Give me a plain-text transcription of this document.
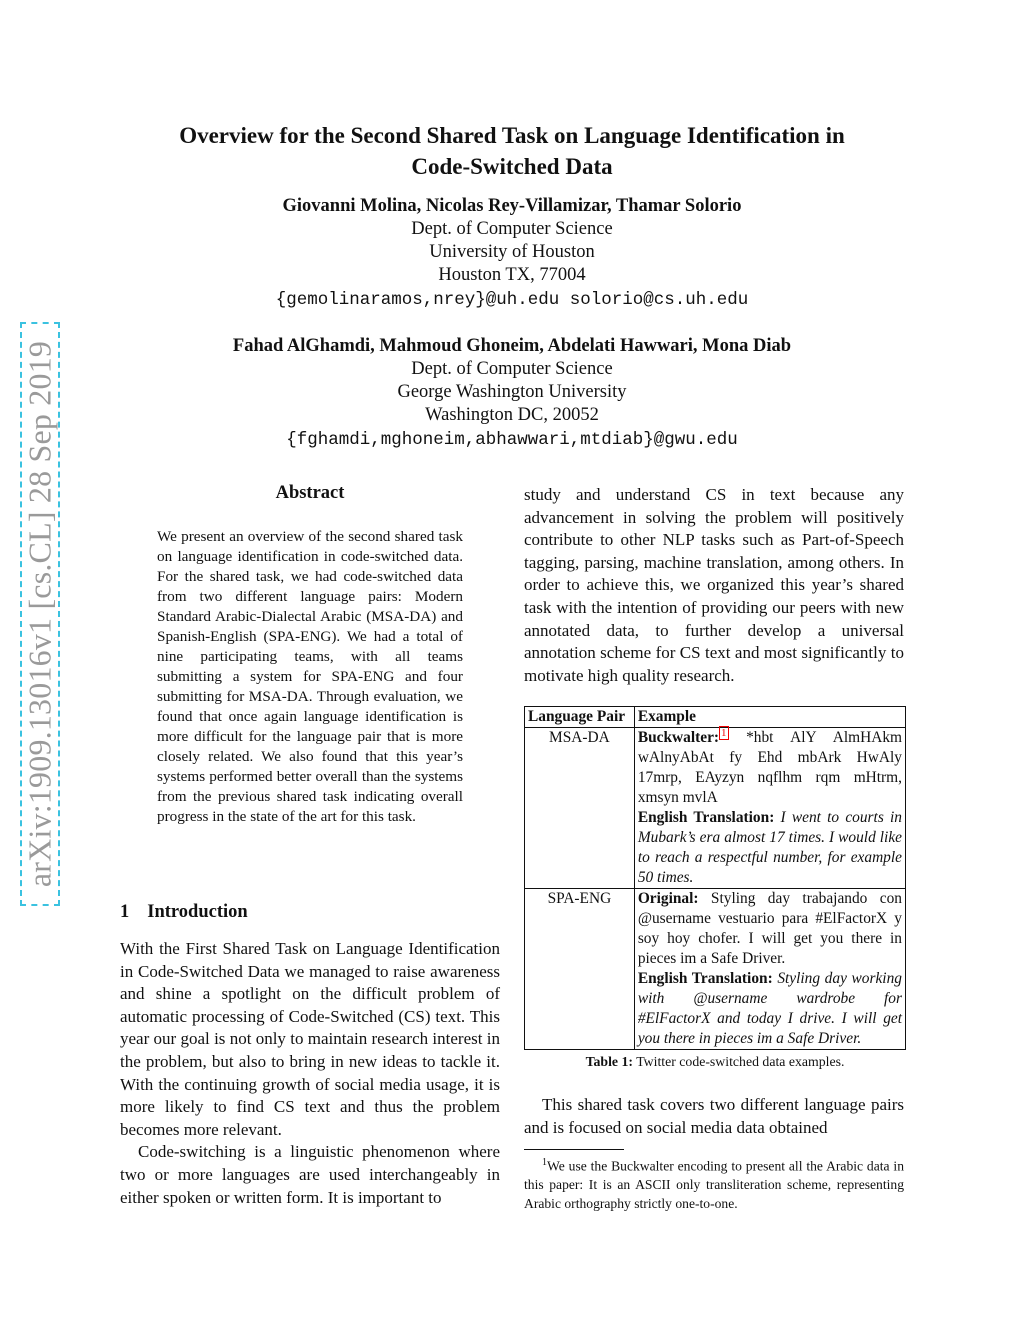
Overview for the Second Shared Task on Language Identification in
Code-Switched Data
Giovanni Molina, Nicolas Rey-Villamizar, Thamar Solorio
Dept. of Computer Science
University of Houston
Houston TX, 77004
{gemolinaramos,nrey}@uh.edu solorio@cs.uh.edu
Fahad AlGhamdi, Mahmoud Ghoneim, Abdelati Hawwari, Mona Diab
Dept. of Computer Science
George Washington University
Washington DC, 20052
{fghamdi,mghoneim,abhawwari,mtdiab}@gwu.edu
arXiv:1909.13016v1 [cs.CL] 28 Sep 2019	Abstract

We present an overview of the second shared task on language identification in code-switched data. For the shared task, we had code-switched data from two different language pairs: Modern Standard Arabic-Dialectal Arabic (MSA-DA) and Spanish-English (SPA-ENG). We had a total of nine participating teams, with all teams submitting a system for SPA-ENG and four submitting for MSA-DA. Through evaluation, we found that once again language identification is more difficult for the language pair that is more closely related. We also found that this year’s systems performed better overall than the systems from the previous shared task indicating overall progress in the state of the art for this task.

1 Introduction

With the First Shared Task on Language Identification in Code-Switched Data we managed to raise awareness and shine a spotlight on the difficult problem of automatic processing of Code-Switched (CS) text. This year our goal is not only to maintain research interest in the problem, but also to bring in new ideas to tackle it. With the continuing growth of social media usage, it is more likely to find CS text and thus the problem becomes more relevant.

Code-switching is a linguistic phenomenon where two or more languages are used interchangeably in either spoken or written form. It is important to

study and understand CS in text because any advancement in solving the problem will positively contribute to other NLP tasks such as Part-of-Speech tagging, parsing, machine translation, among others. In order to achieve this, we organized this year’s shared task with the intention of providing our peers with new annotated data, to further develop a universal annotation scheme for CS text and most significantly to motivate high quality research.

Language Pair	Example
MSA-DA	Buckwalter: $^1$ *hbt AlY AlmHAkm wAlnyAbAt fy Ehd mbArk HwAly 17mrp, EAyzyn nqflhm rqm mHtrm, xmsyn mvlA

English Translation: I went to courts in Mubark’s era almost 17 times. I would like to reach a respectful number, for example 50 times.

SPA-ENG	Original: Styling day trabajando con @username vestuario para #ElFactorX y soy hoy chofer. I will get you there in pieces im a Safe Driver.

English Translation: Styling day working with @username wardrobe for #ElFactorX and today I drive. I will get you there in pieces im a Safe Driver.

Table 1: Twitter code-switched data examples.

This shared task covers two different language pairs and is focused on social media data obtained

$^1$We use the Buckwalter encoding to present all the Arabic data in this paper: It is an ASCII only transliteration scheme, representing Arabic orthography strictly one-to-one.
